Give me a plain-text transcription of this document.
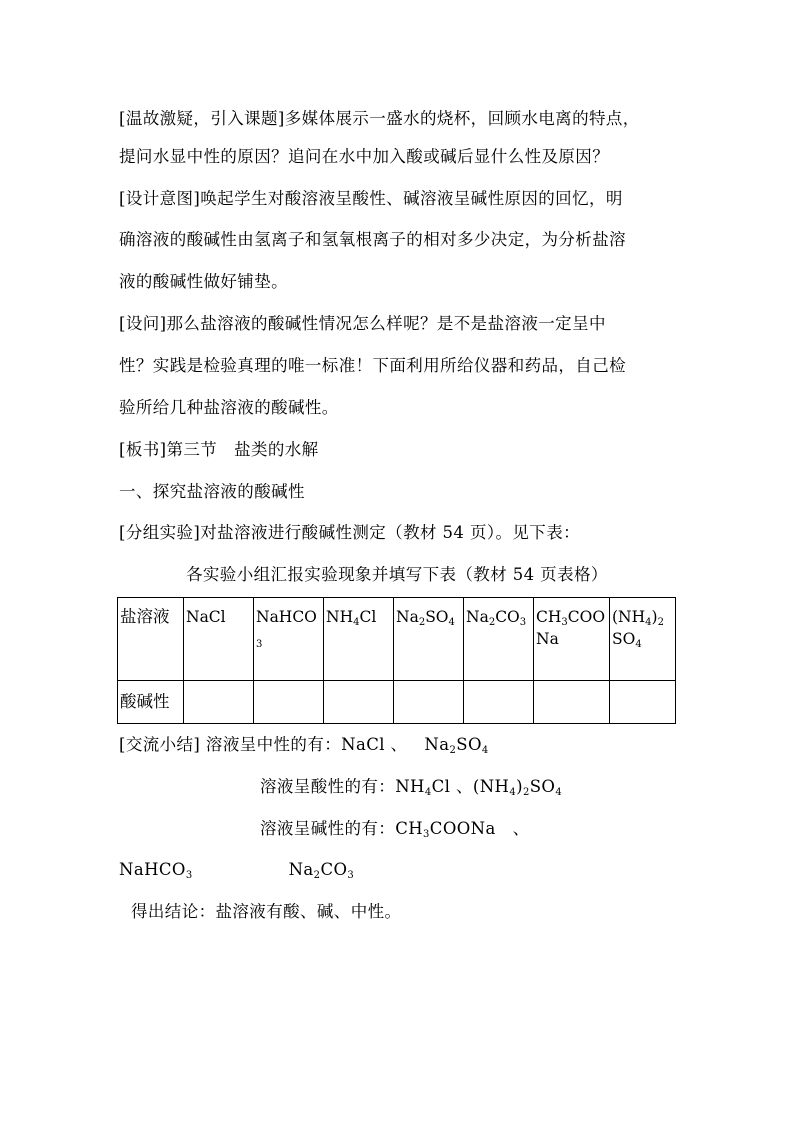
[温故激疑，引入课题]多媒体展示一盛水的烧杯，回顾水电离的特点，
提问水显中性的原因？追问在水中加入酸或碱后显什么性及原因？
[设计意图]唤起学生对酸溶液呈酸性、碱溶液呈碱性原因的回忆，明
确溶液的酸碱性由氢离子和氢氧根离子的相对多少决定，为分析盐溶
液的酸碱性做好铺垫。
[设问]那么盐溶液的酸碱性情况怎么样呢？是不是盐溶液一定呈中
性？实践是检验真理的唯一标准！下面利用所给仪器和药品，自己检
验所给几种盐溶液的酸碱性。
[板书]第三节　盐类的水解
一、探究盐溶液的酸碱性
[分组实验]对盐溶液进行酸碱性测定（教材 54 页）。见下表：
各实验小组汇报实验现象并填写下表（教材 54 页表格）
盐溶液	NaCl	NaHCO$_3$	$NH_4Cl$	$Na_2SO_4$	$Na_2CO_3$	$CH_3COONa$	$(NH_4)_2SO_4$
酸碱性							
[交流小结] 溶液呈中性的有：NaCl 、   $Na_2SO_4$
溶液呈酸性的有：$NH_4Cl$ 、$(NH_4)_2SO_4$
溶液呈碱性的有：$CH_3COONa$　、
NaHCO$_3$	$Na_2CO_3$
得出结论：盐溶液有酸、碱、中性。
